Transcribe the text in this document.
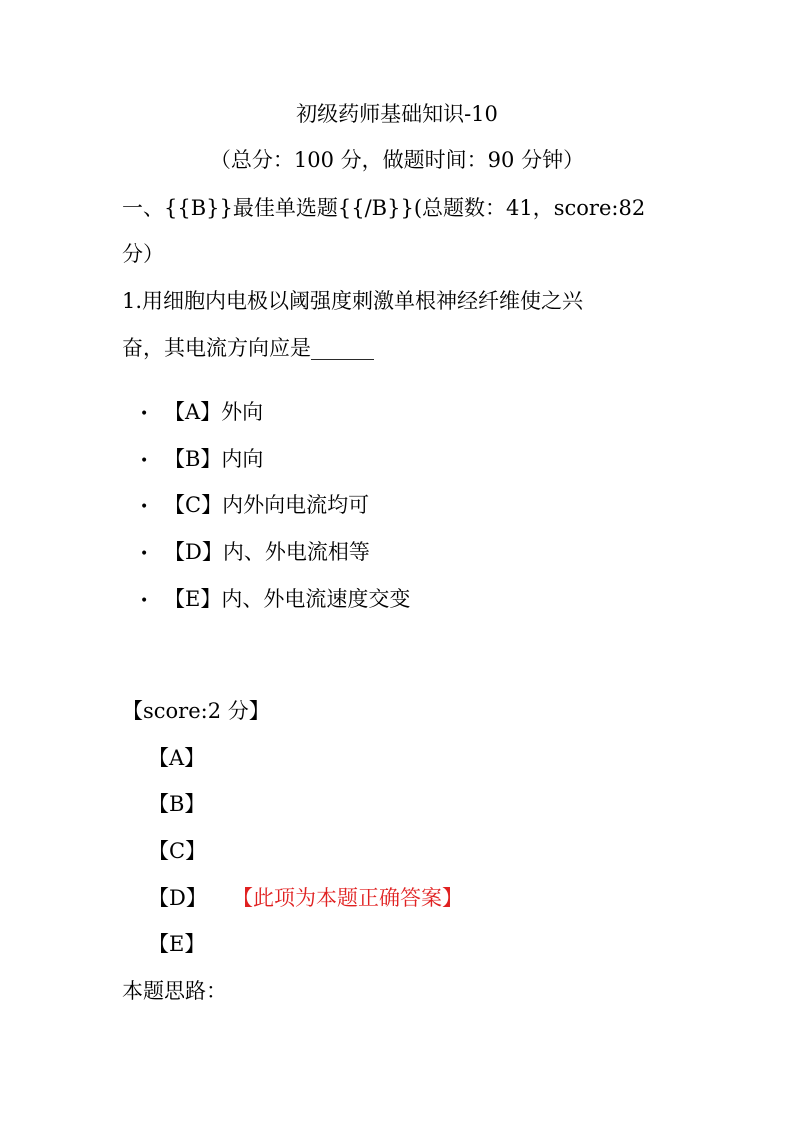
初级药师基础知识-10
（总分：100 分，做题时间：90 分钟）
一、{{B}}最佳单选题{{/B}}(总题数：41，score:82
分）
1.用细胞内电极以阈强度刺激单根神经纤维使之兴
奋，其电流方向应是______
• 【A】外向
• 【B】内向
• 【C】内外向电流均可
• 【D】内、外电流相等
• 【E】内、外电流速度交变
【score:2 分】
【A】
【B】
【C】
【D】 【此项为本题正确答案】
【E】
本题思路：
